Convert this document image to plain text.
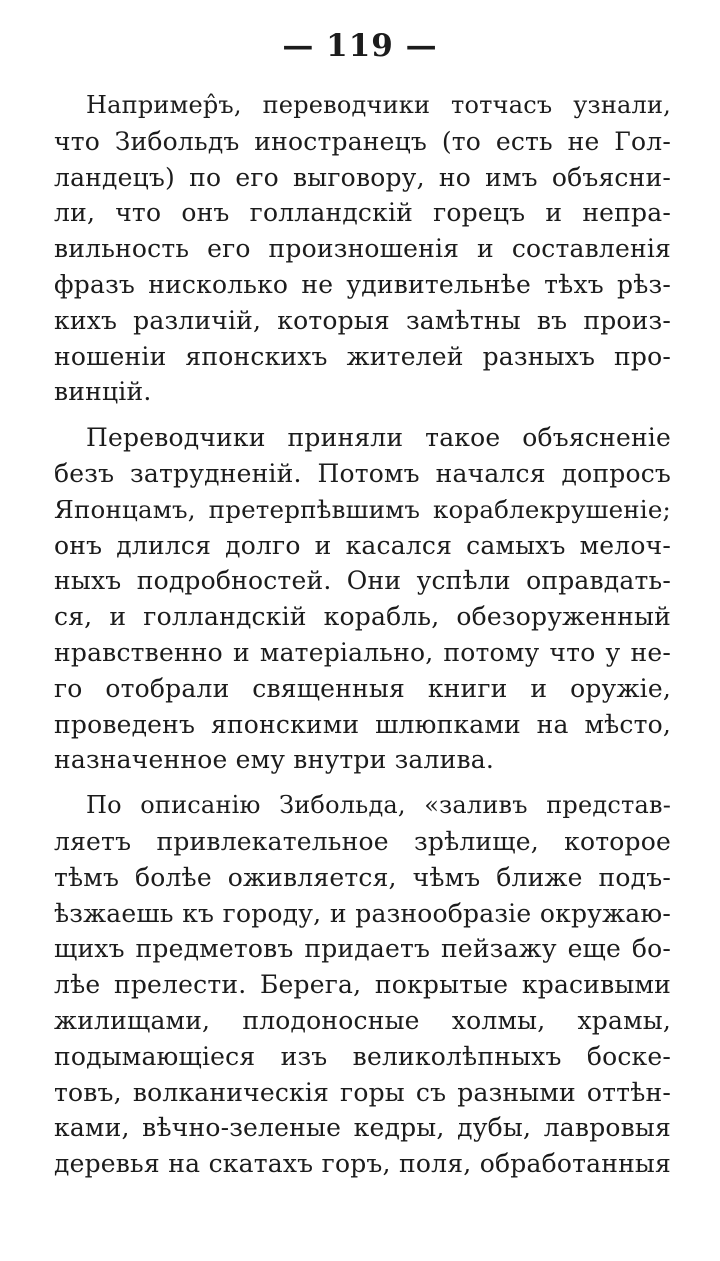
— 119 —

Например̂ъ, переводчики тотчасъ узнали,
что Зибольдъ иностранецъ (то есть не Гол-
ландецъ) по его выговору, но имъ объясни-
ли, что онъ голландскій горецъ и непра-
вильность его произношенія и составленія
фразъ нисколько не удивительнѣе тѣхъ рѣз-
кихъ различій, которыя замѣтны въ произ-
ношеніи японскихъ жителей разныхъ про-
винцій.

Переводчики приняли такое объясненіе
безъ затрудненій. Потомъ начался допросъ
Японцамъ, претерпѣвшимъ кораблекрушеніе;
онъ длился долго и касался самыхъ мелоч-
ныхъ подробностей. Они успѣли оправдать-
ся, и голландскій корабль, обезоруженный
нравственно и матеріально, потому что у не-
го отобрали священныя книги и оружіе,
проведенъ японскими шлюпками на мѣсто,
назначенное ему внутри залива.

По описанію Зибольда, «заливъ представ-
ляетъ привлекательное зрѣлище, которое
тѣмъ болѣе оживляется, чѣмъ ближе подъ-
ѣзжаешь къ городу, и разнообразіе окружаю-
щихъ предметовъ придаетъ пейзажу еще бо-
лѣе прелести. Берега, покрытые красивыми
жилищами, плодоносные холмы, храмы,
подымающіеся изъ великолѣпныхъ боске-
товъ, волканическія горы съ разными оттѣн-
ками, вѣчно-зеленые кедры, дубы, лавровыя
деревья на скатахъ горъ, поля, обработанныя
